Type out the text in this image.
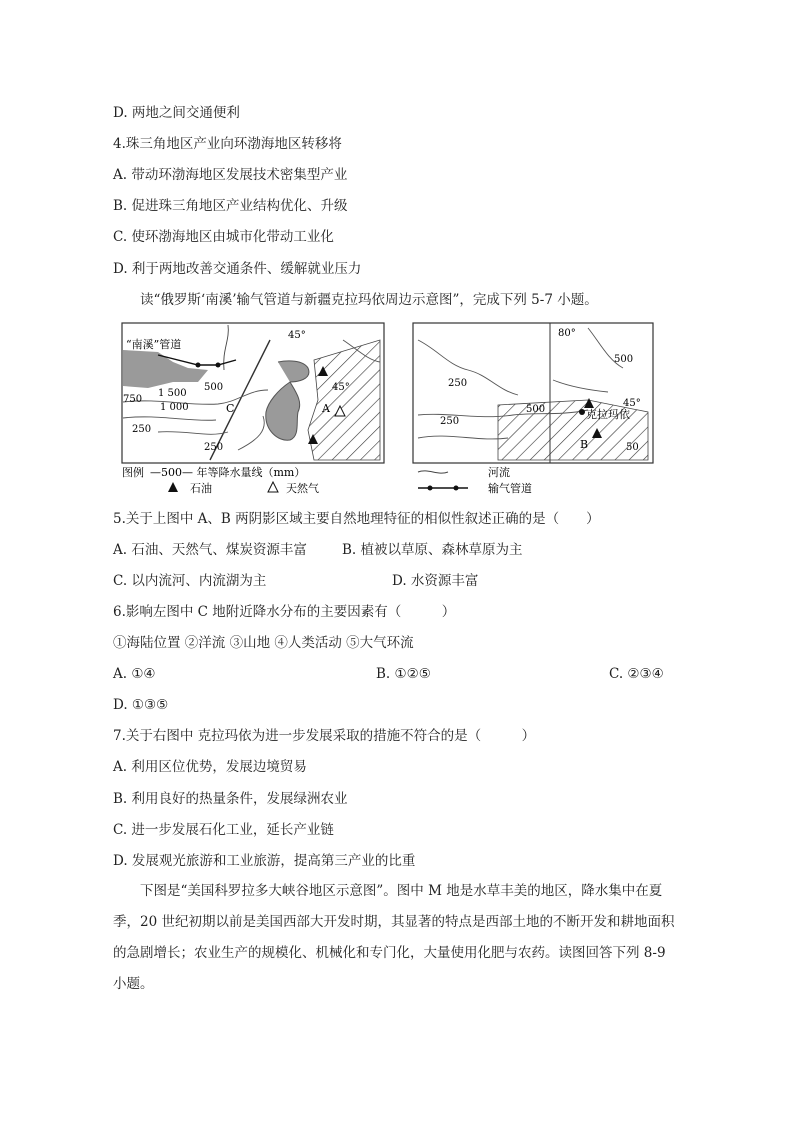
D. 两地之间交通便利
4.珠三角地区产业向环渤海地区转移将
A. 带动环渤海地区发展技术密集型产业
B. 促进珠三角地区产业结构优化、升级
C. 使环渤海地区由城市化带动工业化
D. 利于两地改善交通条件、缓解就业压力
读“俄罗斯‘南溪’输气管道与新疆克拉玛依周边示意图”，完成下列 5-7 小题。
“南溪”管道
750
1 500
1 000
500
250
250
45°
45°
A
C
80°
500
250
500
250
50
45°
克拉玛依
B
图例 —500— 年等降水量线（mm）	河流
石油	天然气	输气管道
5.关于上图中 A、B 两阴影区域主要自然地理特征的相似性叙述正确的是（　　）
A. 石油、天然气、煤炭资源丰富	B. 植被以草原、森林草原为主
C. 以内流河、内流湖为主	D. 水资源丰富
6.影响左图中 C 地附近降水分布的主要因素有（　　　）
①海陆位置 ②洋流 ③山地 ④人类活动 ⑤大气环流
A. ①④	B. ①②⑤	C. ②③④
D. ①③⑤
7.关于右图中 克拉玛依为进一步发展采取的措施不符合的是（　　　）
A. 利用区位优势，发展边境贸易
B. 利用良好的热量条件，发展绿洲农业
C. 进一步发展石化工业，延长产业链
D. 发展观光旅游和工业旅游，提高第三产业的比重
下图是“美国科罗拉多大峡谷地区示意图”。图中 M 地是水草丰美的地区，降水集中在夏季，20 世纪初期以前是美国西部大开发时期，其显著的特点是西部土地的不断开发和耕地面积的急剧增长；农业生产的规模化、机械化和专门化，大量使用化肥与农药。读图回答下列 8-9 小题。
